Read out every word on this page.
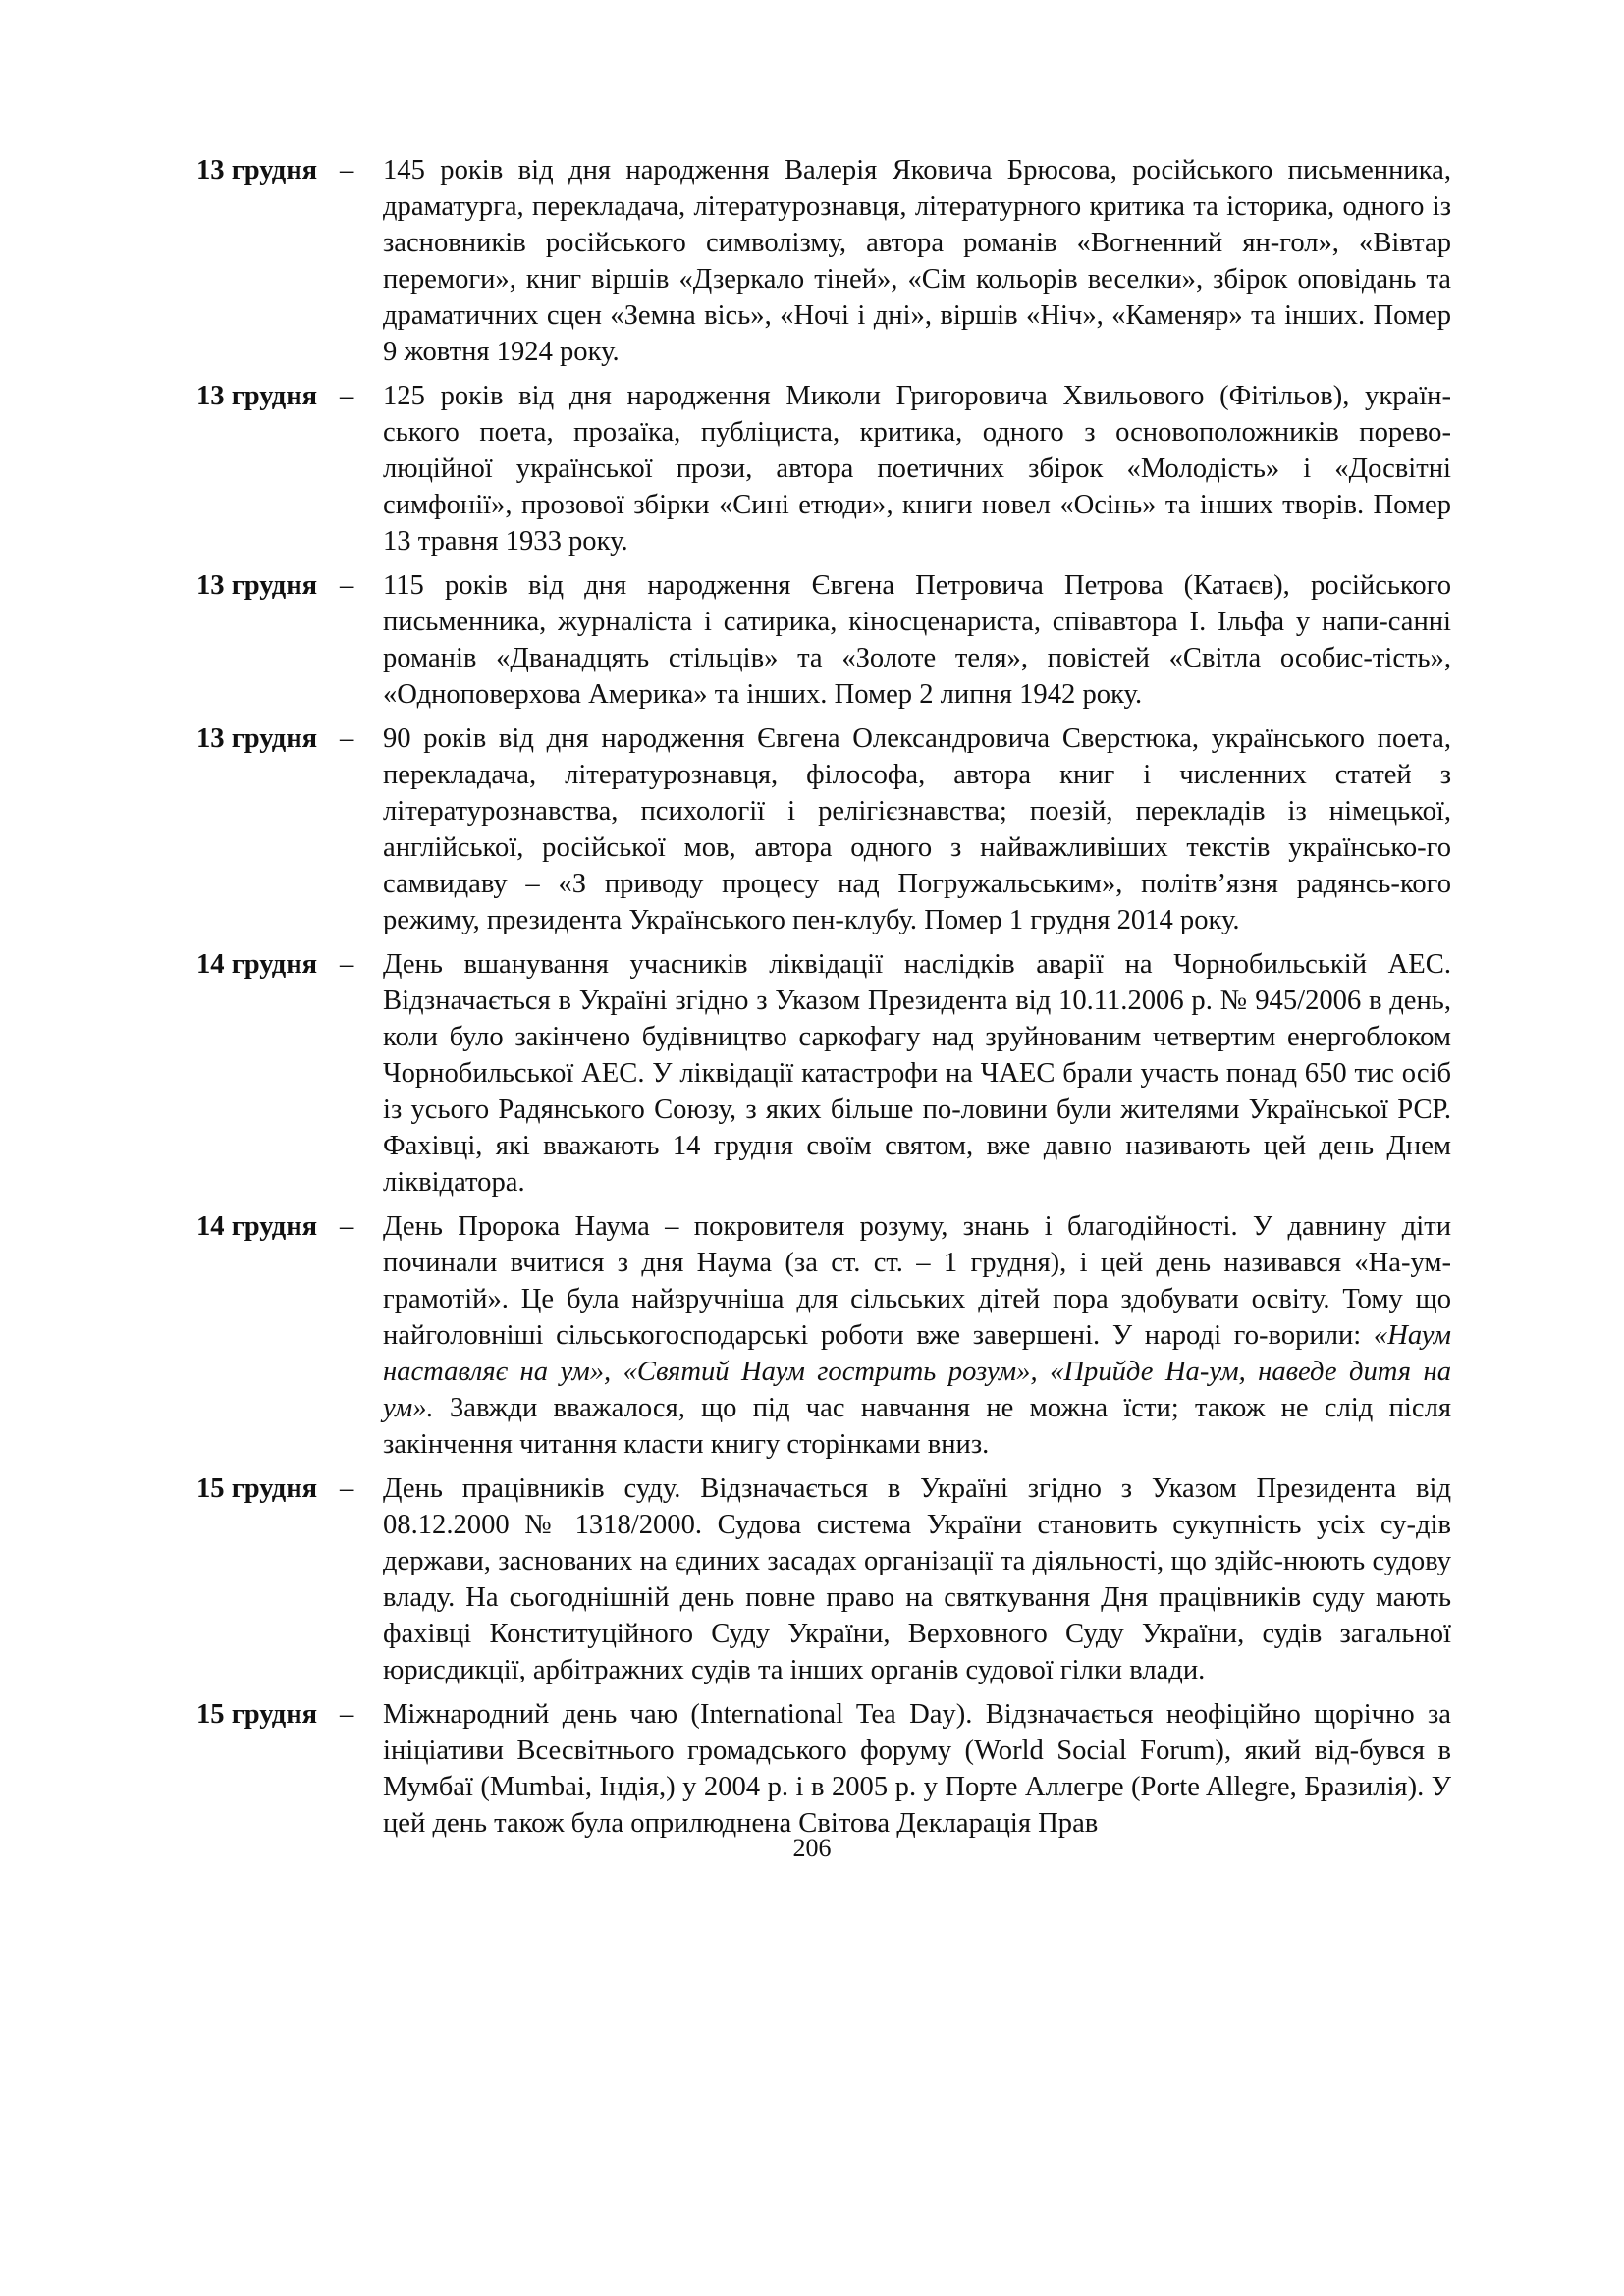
13 грудня – 145 років від дня народження Валерія Яковича Брюсова, російського письменника, драматурга, перекладача, літературознавця, літературного критика та історика, одного із засновників російського символізму, автора романів «Вогненний ян-гол», «Вівтар перемоги», книг віршів «Дзеркало тіней», «Сім кольорів веселки», збірок оповідань та драматичних сцен «Земна вісь», «Ночі і дні», віршів «Ніч», «Каменяр» та інших. Помер 9 жовтня 1924 року.
13 грудня – 125 років від дня народження Миколи Григоровича Хвильового (Фітільов), україн-ського поета, прозаїка, публіциста, критика, одного з основоположників порево-люційної української прози, автора поетичних збірок «Молодість» і «Досвітні симфонії», прозової збірки «Сині етюди», книги новел «Осінь» та інших творів. Помер 13 травня 1933 року.
13 грудня – 115 років від дня народження Євгена Петровича Петрова (Катаєв), російського письменника, журналіста і сатирика, кіносценариста, співавтора І. Ільфа у напи-санні романів «Дванадцять стільців» та «Золоте теля», повістей «Світла особис-тість», «Одноповерхова Америка» та інших. Помер 2 липня 1942 року.
13 грудня – 90 років від дня народження Євгена Олександровича Сверстюка, українського поета, перекладача, літературознавця, філософа, автора книг і численних статей з літературознавства, психології і релігієзнавства; поезій, перекладів із німецької, англійської, російської мов, автора одного з найважливіших текстів українсько-го самвидаву – «З приводу процесу над Погружальським», політв’язня радянсь-кого режиму, президента Українського пен-клубу. Помер 1 грудня 2014 року.
14 грудня – День вшанування учасників ліквідації наслідків аварії на Чорнобильській АЕС. Відзначається в Україні згідно з Указом Президента від 10.11.2006 р. № 945/2006 в день, коли було закінчено будівництво саркофагу над зруйнованим четвертим енергоблоком Чорнобильської АЕС. У ліквідації катастрофи на ЧАЕС брали участь понад 650 тис осіб із усього Радянського Союзу, з яких більше по-ловини були жителями Української РСР. Фахівці, які вважають 14 грудня своїм святом, вже давно називають цей день Днем ліквідатора.
14 грудня – День Пророка Наума – покровителя розуму, знань і благодійності. У давнину діти починали вчитися з дня Наума (за ст. ст. – 1 грудня), і цей день називався «На-ум-грамотій». Це була найзручніша для сільських дітей пора здобувати освіту. Тому що найголовніші сільськогосподарські роботи вже завершені. У народі го-ворили: «Наум наставляє на ум», «Святий Наум гострить розум», «Прийде На-ум, наведе дитя на ум». Завжди вважалося, що під час навчання не можна їсти; також не слід після закінчення читання класти книгу сторінками вниз.
15 грудня – День працівників суду. Відзначається в Україні згідно з Указом Президента від 08.12.2000 № 1318/2000. Судова система України становить сукупність усіх су-дів держави, заснованих на єдиних засадах організації та діяльності, що здійс-нюють судову владу. На сьогоднішній день повне право на святкування Дня працівників суду мають фахівці Конституційного Суду України, Верховного Суду України, судів загальної юрисдикції, арбітражних судів та інших органів судової гілки влади.
15 грудня – Міжнародний день чаю (International Tea Day). Відзначається неофіційно щорічно за ініціативи Всесвітнього громадського форуму (World Social Forum), який від-бувся в Мумбаї (Mumbai, Індія,) у 2004 р. і в 2005 р. у Порте Аллегре (Porte Allegre, Бразилія). У цей день також була оприлюднена Світова Декларація Прав
206
